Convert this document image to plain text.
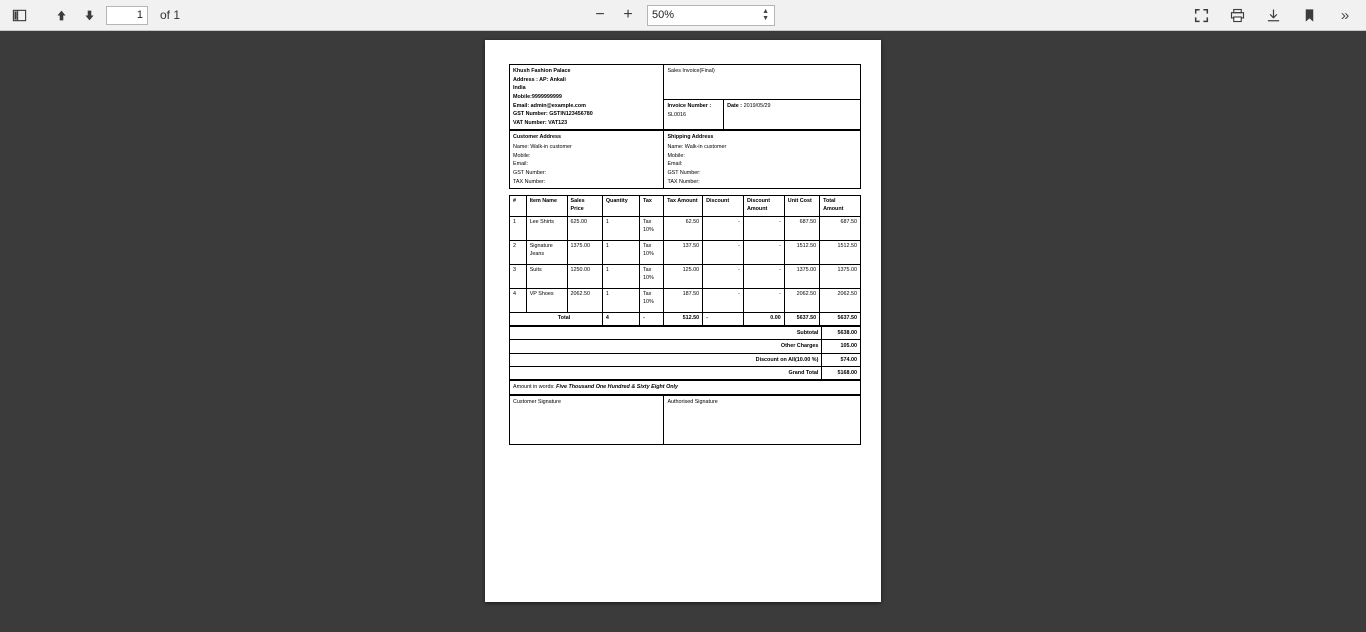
1
of 1	− +	50%	▲
▼	»
Khush Fashion Palace
Address : AP: Ankali
India
Mobile:9999999999
Email: admin@example.com
GST Number: GSTIN123456780
VAT Number: VAT123	Sales Invoice(Final)
	Invoice Number :
SL0016	Date : 2019/05/29
Customer Address
Name: Walk-in customer
Mobile:
Email:
GST Number:
TAX Number:	
Shipping Address
Name: Walk-in customer
Mobile:
Email:
GST Number:
TAX Number:
#	Item Name	Sales Price	Quantity	Tax	Tax Amount	Discount	Discount Amount	Unit Cost	Total Amount
1	Lee Shirts	625.00	1	Tax 10%	62.50	-	-	687.50	687.50
2	Signature Jeans	1375.00	1	Tax 10%	137.50	-	-	1512.50	1512.50
3	Suits	1250.00	1	Tax 10%	125.00	-	-	1375.00	1375.00
4	VP Shoes	2062.50	1	Tax 10%	187.50	-	-	2062.50	2062.50
	Total		4	-	512.50	-	0.00	5637.50	5637.50
Subtotal	5638.00
Other Charges	105.00
Discount on All(10.00 %)	574.00
Grand Total	5168.00
Amount in words: Five Thousand One Hundred & Sixty Eight Only
Customer Signature	Authorised Signature
